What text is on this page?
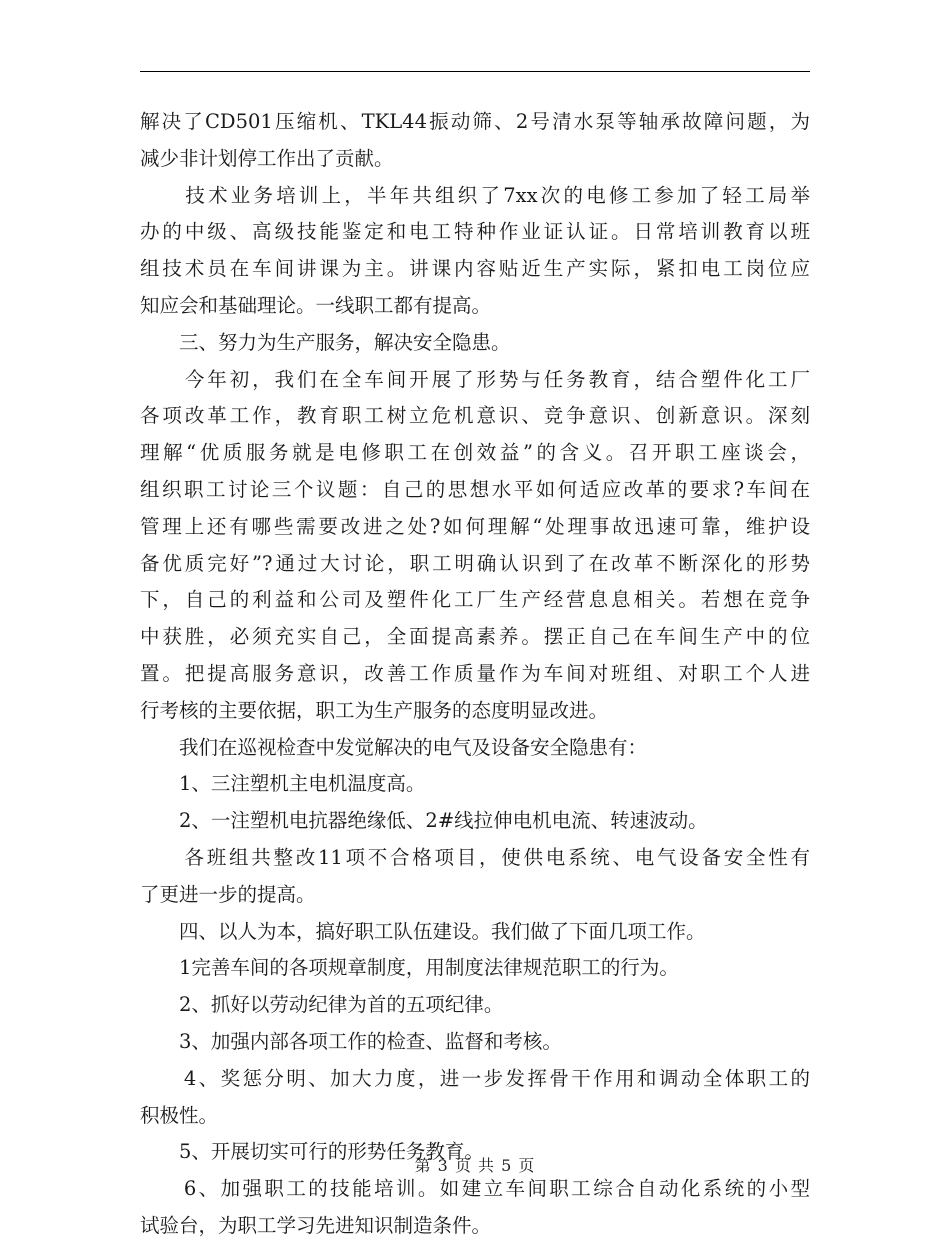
解决了CD501压缩机、TKL44振动筛、2号清水泵等轴承故障问题，为
减少非计划停工作出了贡献。
　　技术业务培训上，半年共组织了7xx次的电修工参加了轻工局举
办的中级、高级技能鉴定和电工特种作业证认证。日常培训教育以班
组技术员在车间讲课为主。讲课内容贴近生产实际，紧扣电工岗位应
知应会和基础理论。一线职工都有提高。
　　三、努力为生产服务，解决安全隐患。
　　今年初，我们在全车间开展了形势与任务教育，结合塑件化工厂
各项改革工作，教育职工树立危机意识、竞争意识、创新意识。深刻
理解“优质服务就是电修职工在创效益”的含义。召开职工座谈会，
组织职工讨论三个议题：自己的思想水平如何适应改革的要求?车间在
管理上还有哪些需要改进之处?如何理解“处理事故迅速可靠，维护设
备优质完好”?通过大讨论，职工明确认识到了在改革不断深化的形势
下，自己的利益和公司及塑件化工厂生产经营息息相关。若想在竞争
中获胜，必须充实自己，全面提高素养。摆正自己在车间生产中的位
置。把提高服务意识，改善工作质量作为车间对班组、对职工个人进
行考核的主要依据，职工为生产服务的态度明显改进。
　　我们在巡视检查中发觉解决的电气及设备安全隐患有：
　　1、三注塑机主电机温度高。
　　2、一注塑机电抗器绝缘低、2#线拉伸电机电流、转速波动。
　　各班组共整改11项不合格项目，使供电系统、电气设备安全性有
了更进一步的提高。
　　四、以人为本，搞好职工队伍建设。我们做了下面几项工作。
　　1完善车间的各项规章制度，用制度法律规范职工的行为。
　　2、抓好以劳动纪律为首的五项纪律。
　　3、加强内部各项工作的检查、监督和考核。
　　4、奖惩分明、加大力度，进一步发挥骨干作用和调动全体职工的
积极性。
　　5、开展切实可行的形势任务教育。
　　6、加强职工的技能培训。如建立车间职工综合自动化系统的小型
试验台，为职工学习先进知识制造条件。
第 3 页 共 5 页
